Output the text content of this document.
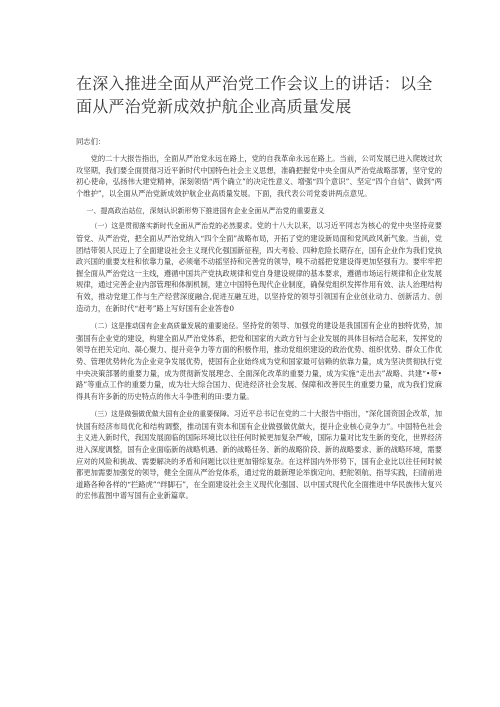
在深入推进全面从严治党工作会议上的讲话：以全面从严治党新成效护航企业高质量发展

同志们：

党的二十大报告指出，全面从严治党永远在路上，党的自我革命永远在路上。当前，公司发展已进入爬坡过坎攻坚期，我们要全面贯彻习近平新时代中国特色社会主义思想，准确把握党中央全面从严治党战略部署，坚守党的初心使命，弘扬伟大建党精神，深刻领悟“两个确立”的决定性意义、增强“四个意识”、坚定“四个自信”、做到“两个维护”，以全面从严治党新成效护航企业高质量发展。下面，我代表公司党委讲两点意见。

一、提高政治站位，深刻认识新形势下推进国有企业全面从严治党的重要意义

（一）这是贯彻落实新时代全面从严治党的必然要求。党的十八大以来，以习近平同志为核心的党中央坚持竞要管党、从严治党，把全面从严治党纳入“四个全面”战略布局，开拓了党的建设新局面和党风政风新气象。当前，党团结带领人民迈上了全面建设社会主义现代化强国新征程，四大考验、四种危险长期存在，国有企业作为我们党执政兴国的重要支柱和依靠力量，必须毫不动摇坚持和完善党的领导，嗅不动摇把党建设得更加坚强有力。要牢牢把握全面从严治党这一主线，遵循中国共产党执政规律和党自身建设规律的基本要求，遵循市场运行规律和企业发展规律，通过完善企业内部管理和体制机制，建立中国特色现代企业制度，确保党组织发挥作用有效、法人治理结构有效，推动党建工作与生产经营深度融合,促进互融互进，以坚持党的领导引领国有企业创业动力、创新活力、创造动力，在新时代“赶考”路上写好国有企业答卷0

（二）这是推动国有企业高质量发展的重要途径。坚持党的领导、加强党的建设是我国国有企业的独特优势，加强国有企业党的建设，构建全面从严治党体系，把党和国家的大政方针与企业发展的具体目标结合起来，发挥党的领导在把关定向、凝心聚力、提升竞争力等方面的积极作用，推动党组织建设的政治优势、组织优势、群众工作优势、管理优势转化为企业竞争发展优势，使国有企业始终成为党和国家最可信赖的依靠力量，成为坚决贯彻执行党中央决策部署的重要力量，成为贯彻新发展理念、全面深化改革的重要力量，成为实施“走出去”战略、共建“•带•路”等重点工作的重要力量，成为壮大综合国力、促进经济社会发展、保障和改善民生的重要力量，成为我们党麻得具有许多新的历史特点的伟大斗争胜利的田:要力量。

（三）这是做强做优做大国有企业的重要保障。习近平总书记在党的二十大报告中指出，“深化国资国企改革，加快国有经济布局优化和结构调整，推动国有资本和国有企业做强做优做大，提升企业核心竞争力”。中国特色社会主义进入新时代，我国发展面临的国际环境比以往任何时候更加复杂严峻，国际力量对比发生新的变化，世界经济进入深度调整，国有企业面临新的战略机遇、新的战略任务、新的战略阶段、新的战略要求、新的战略环境，需要应对的风险和挑战、需要解决的矛盾和问题比以往更加错综复杂。在这样国内外形势下，国有企业比以往任何时候都更加需要加强党的领导，健全全面从严治党体系，通过党的最新理论举旗定向、把舵领航、指导实践，扫清前进道路各种各样的“拦路虎”“绊脚石”，在全面建设社会主义现代化强国、以中国式现代化全面推进中华民族伟大复兴的宏伟蓝图中谱写国有企业新篇章。
